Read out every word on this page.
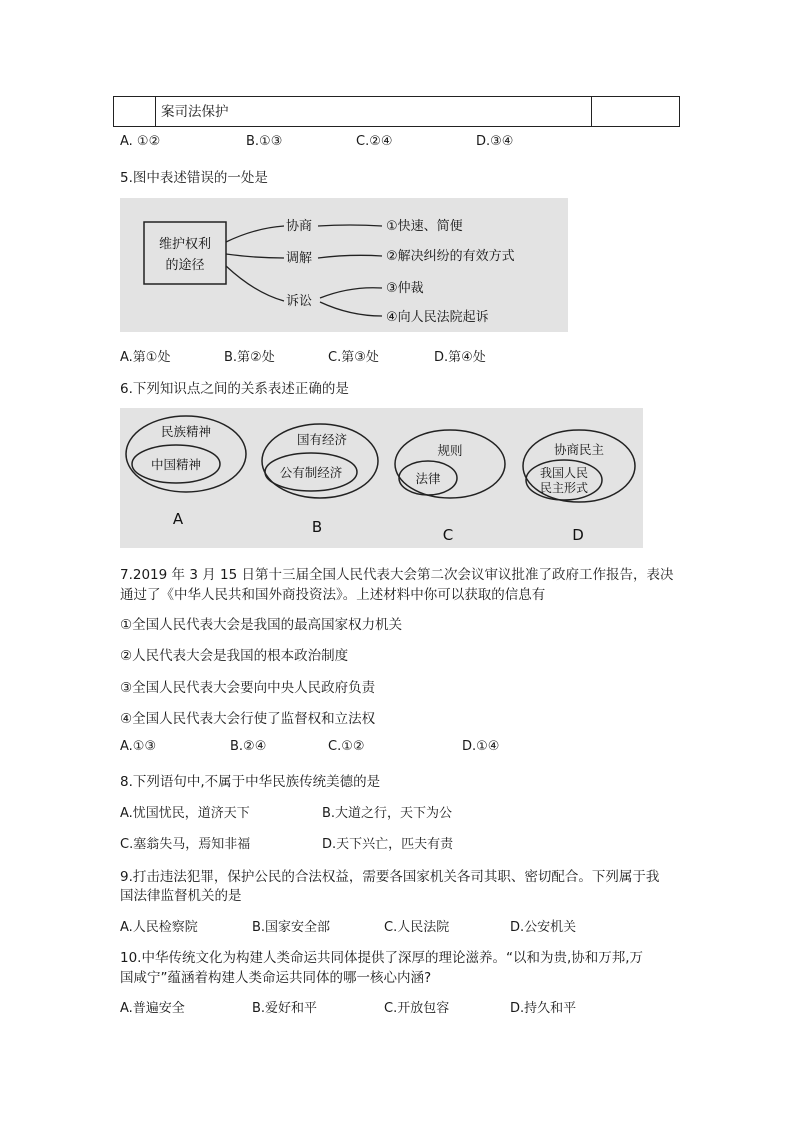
案司法保护
A. ①②	B.①③	C.②④	D.③④
5.图中表述错误的一处是
维护权利
的途径
协商
调解
诉讼
①快速、简便
②解决纠纷的有效方式
③仲裁
④向人民法院起诉
A.第①处	B.第②处	C.第③处	D.第④处
6.下列知识点之间的关系表述正确的是
民族精神
中国精神
A
国有经济
公有制经济
B
规则
法律
C
协商民主
我国人民
民主形式
D
7.2019 年 3 月 15 日第十三届全国人民代表大会第二次会议审议批准了政府工作报告，表决
通过了《中华人民共和国外商投资法》。上述材料中你可以获取的信息有
①全国人民代表大会是我国的最高国家权力机关
②人民代表大会是我国的根本政治制度
③全国人民代表大会要向中央人民政府负责
④全国人民代表大会行使了监督权和立法权
A.①③	B.②④	C.①②	D.①④
8.下列语句中,不属于中华民族传统美德的是
A.忧国忧民，道济天下	B.大道之行，天下为公
C.塞翁失马，焉知非福	D.天下兴亡，匹夫有责
9.打击违法犯罪，保护公民的合法权益，需要各国家机关各司其职、密切配合。下列属于我
国法律监督机关的是
A.人民检察院	B.国家安全部	C.人民法院	D.公安机关
10.中华传统文化为构建人类命运共同体提供了深厚的理论滋养。“以和为贵,协和万邦,万
国咸宁”蕴涵着构建人类命运共同体的哪一核心内涵?
A.普遍安全	B.爱好和平	C.开放包容	D.持久和平
